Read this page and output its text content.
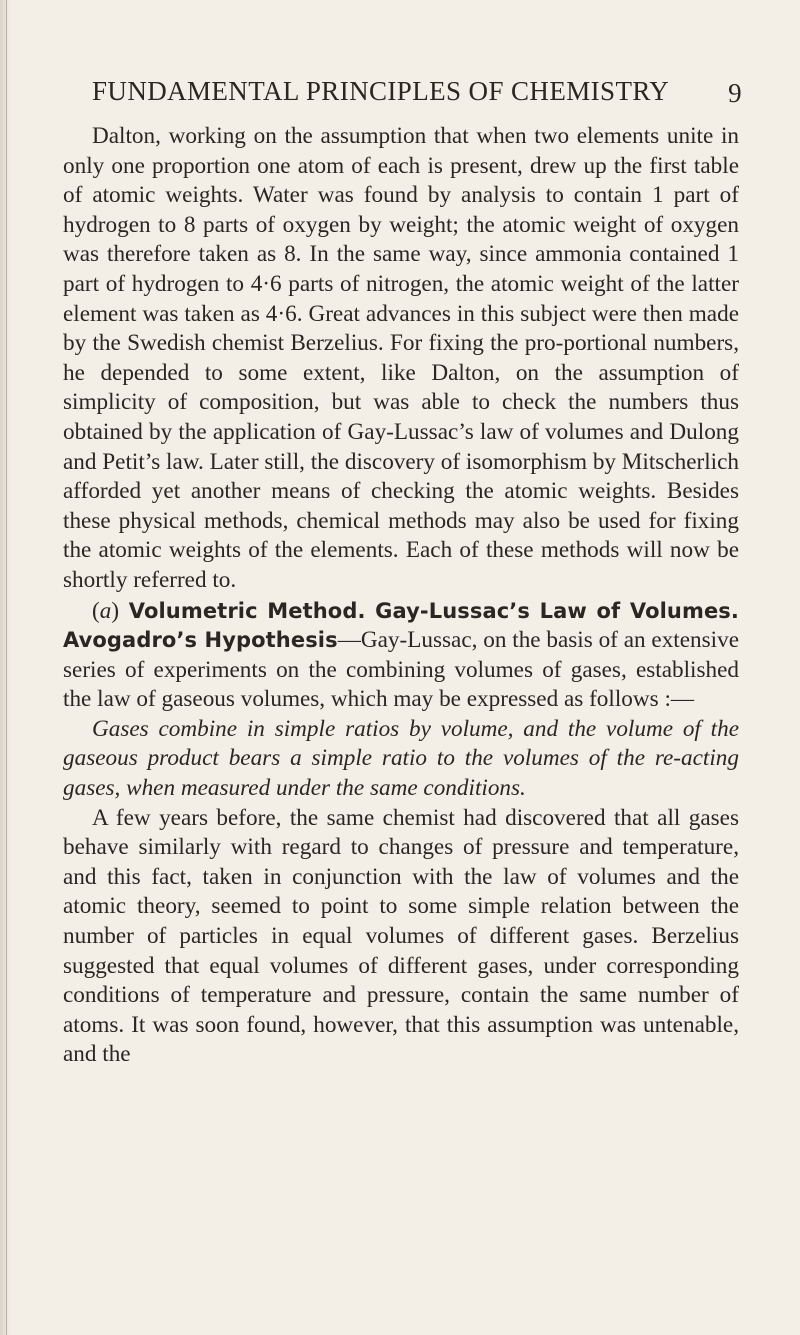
FUNDAMENTAL PRINCIPLES OF CHEMISTRY 9

Dalton, working on the assumption that when two elements unite in only one proportion one atom of each is present, drew up the first table of atomic weights. Water was found by analysis to contain 1 part of hydrogen to 8 parts of oxygen by weight; the atomic weight of oxygen was therefore taken as 8. In the same way, since ammonia contained 1 part of hydrogen to 4·6 parts of nitrogen, the atomic weight of the latter element was taken as 4·6. Great advances in this subject were then made by the Swedish chemist Berzelius. For fixing the pro-portional numbers, he depended to some extent, like Dalton, on the assumption of simplicity of composition, but was able to check the numbers thus obtained by the application of Gay-Lussac’s law of volumes and Dulong and Petit’s law. Later still, the discovery of isomorphism by Mitscherlich afforded yet another means of checking the atomic weights. Besides these physical methods, chemical methods may also be used for fixing the atomic weights of the elements. Each of these methods will now be shortly referred to.

(a) Volumetric Method. Gay-Lussac’s Law of Volumes. Avogadro’s Hypothesis—Gay-Lussac, on the basis of an extensive series of experiments on the combining volumes of gases, established the law of gaseous volumes, which may be expressed as follows :—

Gases combine in simple ratios by volume, and the volume of the gaseous product bears a simple ratio to the volumes of the re-acting gases, when measured under the same conditions.

A few years before, the same chemist had discovered that all gases behave similarly with regard to changes of pressure and temperature, and this fact, taken in conjunction with the law of volumes and the atomic theory, seemed to point to some simple relation between the number of particles in equal volumes of different gases. Berzelius suggested that equal volumes of different gases, under corresponding conditions of temperature and pressure, contain the same number of atoms. It was soon found, however, that this assumption was untenable, and the
